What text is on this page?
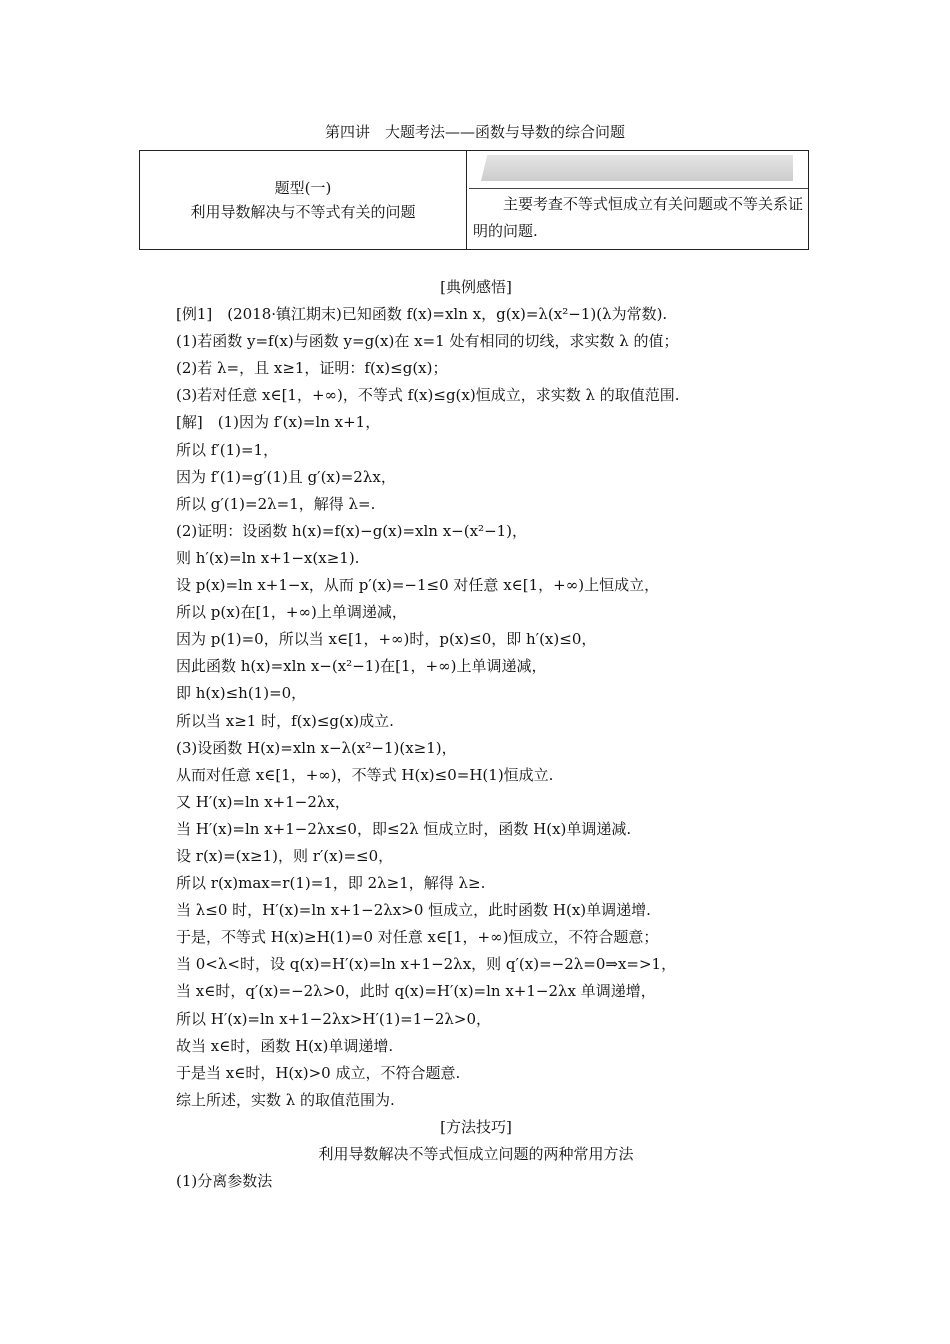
第四讲　大题考法——函数与导数的综合问题
题型(一)
利用导数解决与不等式有关的问题	主要考查不等式恒成立有关问题或不等关系证明的问题.
[典例感悟]
[例1]　(2018·镇江期末)已知函数 f(x)=xln x，g(x)=λ(x²−1)(λ为常数).
(1)若函数 y=f(x)与函数 y=g(x)在 x=1 处有相同的切线，求实数 λ 的值；
(2)若 λ=，且 x≥1，证明：f(x)≤g(x)；
(3)若对任意 x∈[1，+∞)，不等式 f(x)≤g(x)恒成立，求实数 λ 的取值范围.
[解]　(1)因为 f′(x)=ln x+1，
所以 f′(1)=1，
因为 f′(1)=g′(1)且 g′(x)=2λx，
所以 g′(1)=2λ=1，解得 λ=.
(2)证明：设函数 h(x)=f(x)−g(x)=xln x−(x²−1)，
则 h′(x)=ln x+1−x(x≥1).
设 p(x)=ln x+1−x，从而 p′(x)=−1≤0 对任意 x∈[1，+∞)上恒成立，
所以 p(x)在[1，+∞)上单调递减，
因为 p(1)=0，所以当 x∈[1，+∞)时，p(x)≤0，即 h′(x)≤0，
因此函数 h(x)=xln x−(x²−1)在[1，+∞)上单调递减，
即 h(x)≤h(1)=0，
所以当 x≥1 时，f(x)≤g(x)成立.
(3)设函数 H(x)=xln x−λ(x²−1)(x≥1)，
从而对任意 x∈[1，+∞)，不等式 H(x)≤0=H(1)恒成立.
又 H′(x)=ln x+1−2λx，
当 H′(x)=ln x+1−2λx≤0，即≤2λ 恒成立时，函数 H(x)单调递减.
设 r(x)=(x≥1)，则 r′(x)=≤0，
所以 r(x)max=r(1)=1，即 2λ≥1，解得 λ≥.
当 λ≤0 时，H′(x)=ln x+1−2λx>0 恒成立，此时函数 H(x)单调递增.
于是，不等式 H(x)≥H(1)=0 对任意 x∈[1，+∞)恒成立，不符合题意；
当 0<λ<时，设 q(x)=H′(x)=ln x+1−2λx，则 q′(x)=−2λ=0⇒x=>1，
当 x∈时，q′(x)=−2λ>0，此时 q(x)=H′(x)=ln x+1−2λx 单调递增，
所以 H′(x)=ln x+1−2λx>H′(1)=1−2λ>0，
故当 x∈时，函数 H(x)单调递增.
于是当 x∈时，H(x)>0 成立，不符合题意.
综上所述，实数 λ 的取值范围为.
[方法技巧]
利用导数解决不等式恒成立问题的两种常用方法
(1)分离参数法
